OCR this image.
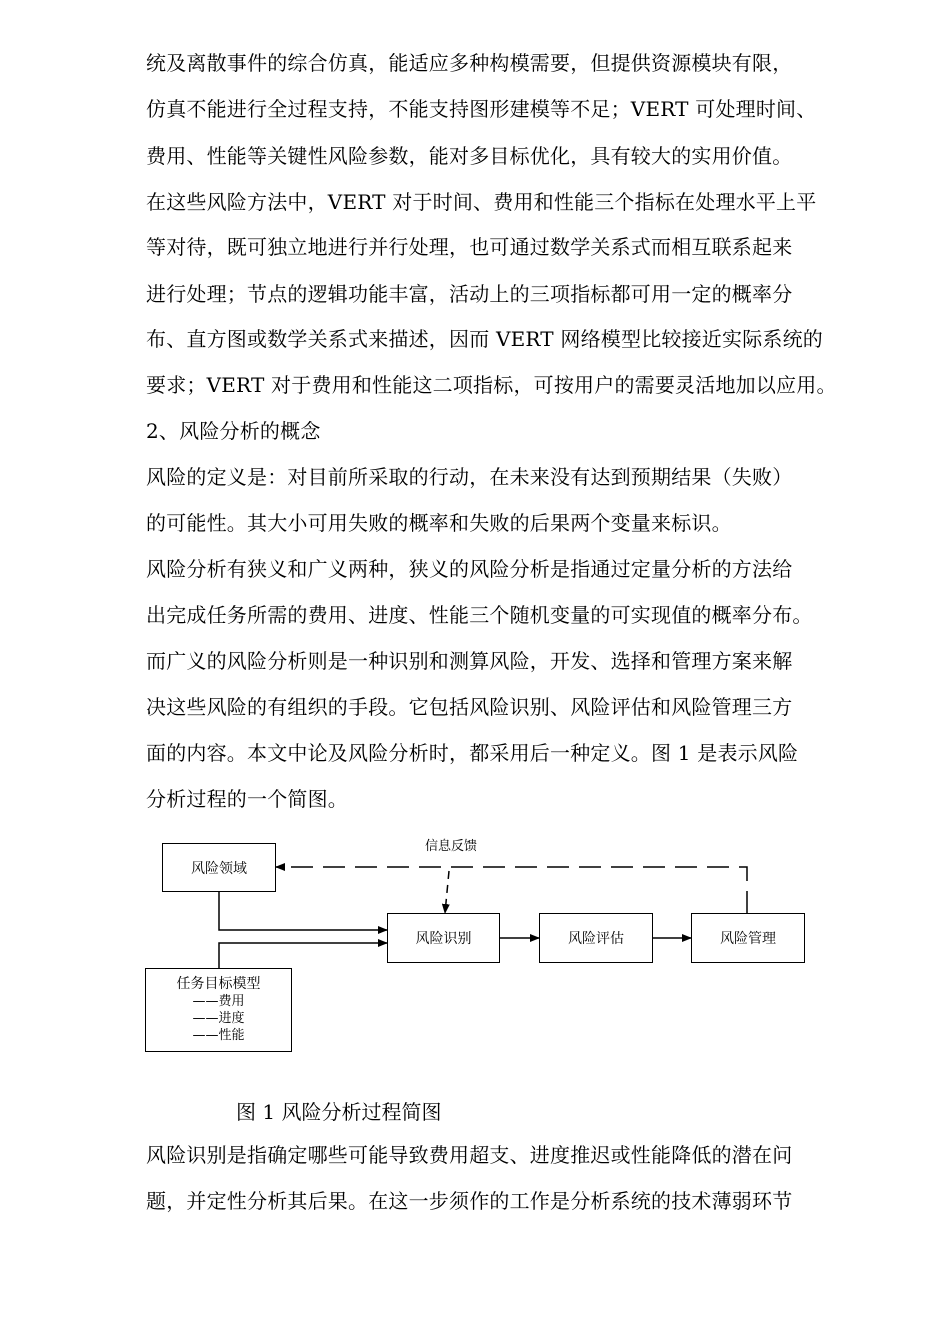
统及离散事件的综合仿真，能适应多种构模需要，但提供资源模块有限，
仿真不能进行全过程支持，不能支持图形建模等不足；VERT 可处理时间、
费用、性能等关键性风险参数，能对多目标优化，具有较大的实用价值。
在这些风险方法中，VERT 对于时间、费用和性能三个指标在处理水平上平
等对待，既可独立地进行并行处理，也可通过数学关系式而相互联系起来
进行处理；节点的逻辑功能丰富，活动上的三项指标都可用一定的概率分
布、直方图或数学关系式来描述，因而 VERT 网络模型比较接近实际系统的
要求；VERT 对于费用和性能这二项指标，可按用户的需要灵活地加以应用。
2、风险分析的概念
风险的定义是：对目前所采取的行动，在未来没有达到预期结果（失败）
的可能性。其大小可用失败的概率和失败的后果两个变量来标识。
风险分析有狭义和广义两种，狭义的风险分析是指通过定量分析的方法给
出完成任务所需的费用、进度、性能三个随机变量的可实现值的概率分布。
而广义的风险分析则是一种识别和测算风险，开发、选择和管理方案来解
决这些风险的有组织的手段。它包括风险识别、风险评估和风险管理三方
面的内容。本文中论及风险分析时，都采用后一种定义。图 1 是表示风险
分析过程的一个简图。
信息反馈
风险领域
风险识别	风险评估	风险管理
任务目标模型
——费用
——进度
——性能
图 1 风险分析过程简图
风险识别是指确定哪些可能导致费用超支、进度推迟或性能降低的潜在问
题，并定性分析其后果。在这一步须作的工作是分析系统的技术薄弱环节
